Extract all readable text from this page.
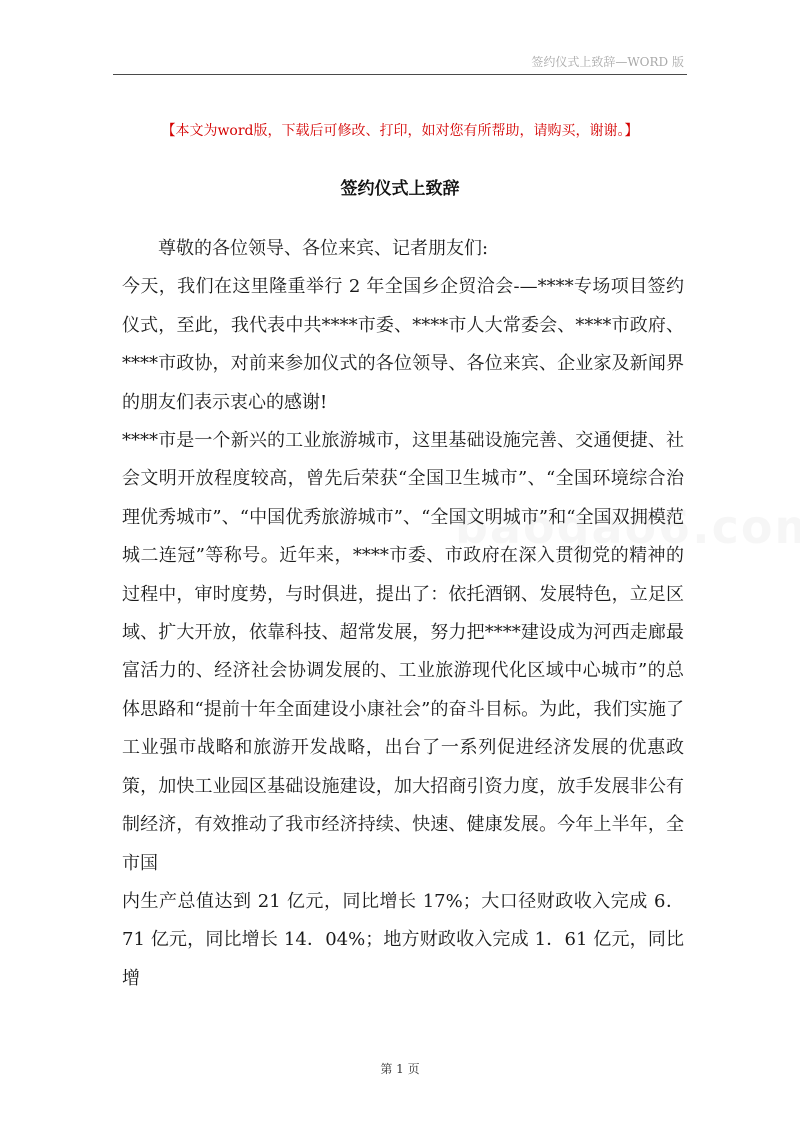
签约仪式上致辞—WORD 版
【本文为word版，下载后可修改、打印，如对您有所帮助，请购买，谢谢。】
签约仪式上致辞

尊敬的各位领导、各位来宾、记者朋友们:

今天，我们在这里隆重举行 2 年全国乡企贸洽会-—****专场项目签约仪式，至此，我代表中共****市委、****市人大常委会、****市政府、****市政协，对前来参加仪式的各位领导、各位来宾、企业家及新闻界的朋友们表示衷心的感谢!

****市是一个新兴的工业旅游城市，这里基础设施完善、交通便捷、社会文明开放程度较高，曾先后荣获“全国卫生城市”、“全国环境综合治理优秀城市”、“中国优秀旅游城市”、“全国文明城市”和“全国双拥模范城二连冠”等称号。近年来，****市委、市政府在深入贯彻党的精神的过程中，审时度势，与时俱进，提出了：依托酒钢、发展特色，立足区域、扩大开放，依靠科技、超常发展，努力把****建设成为河西走廊最富活力的、经济社会协调发展的、工业旅游现代化区域中心城市”的总体思路和“提前十年全面建设小康社会”的奋斗目标。为此，我们实施了工业强市战略和旅游开发战略，出台了一系列促进经济发展的优惠政策，加快工业园区基础设施建设，加大招商引资力度，放手发展非公有制经济，有效推动了我市经济持续、快速、健康发展。今年上半年，全市国

内生产总值达到 21 亿元，同比增长 17%；大口径财政收入完成 6．71 亿元，同比增长 14．04%；地方财政收入完成 1．61 亿元，同比增

第 1 页
